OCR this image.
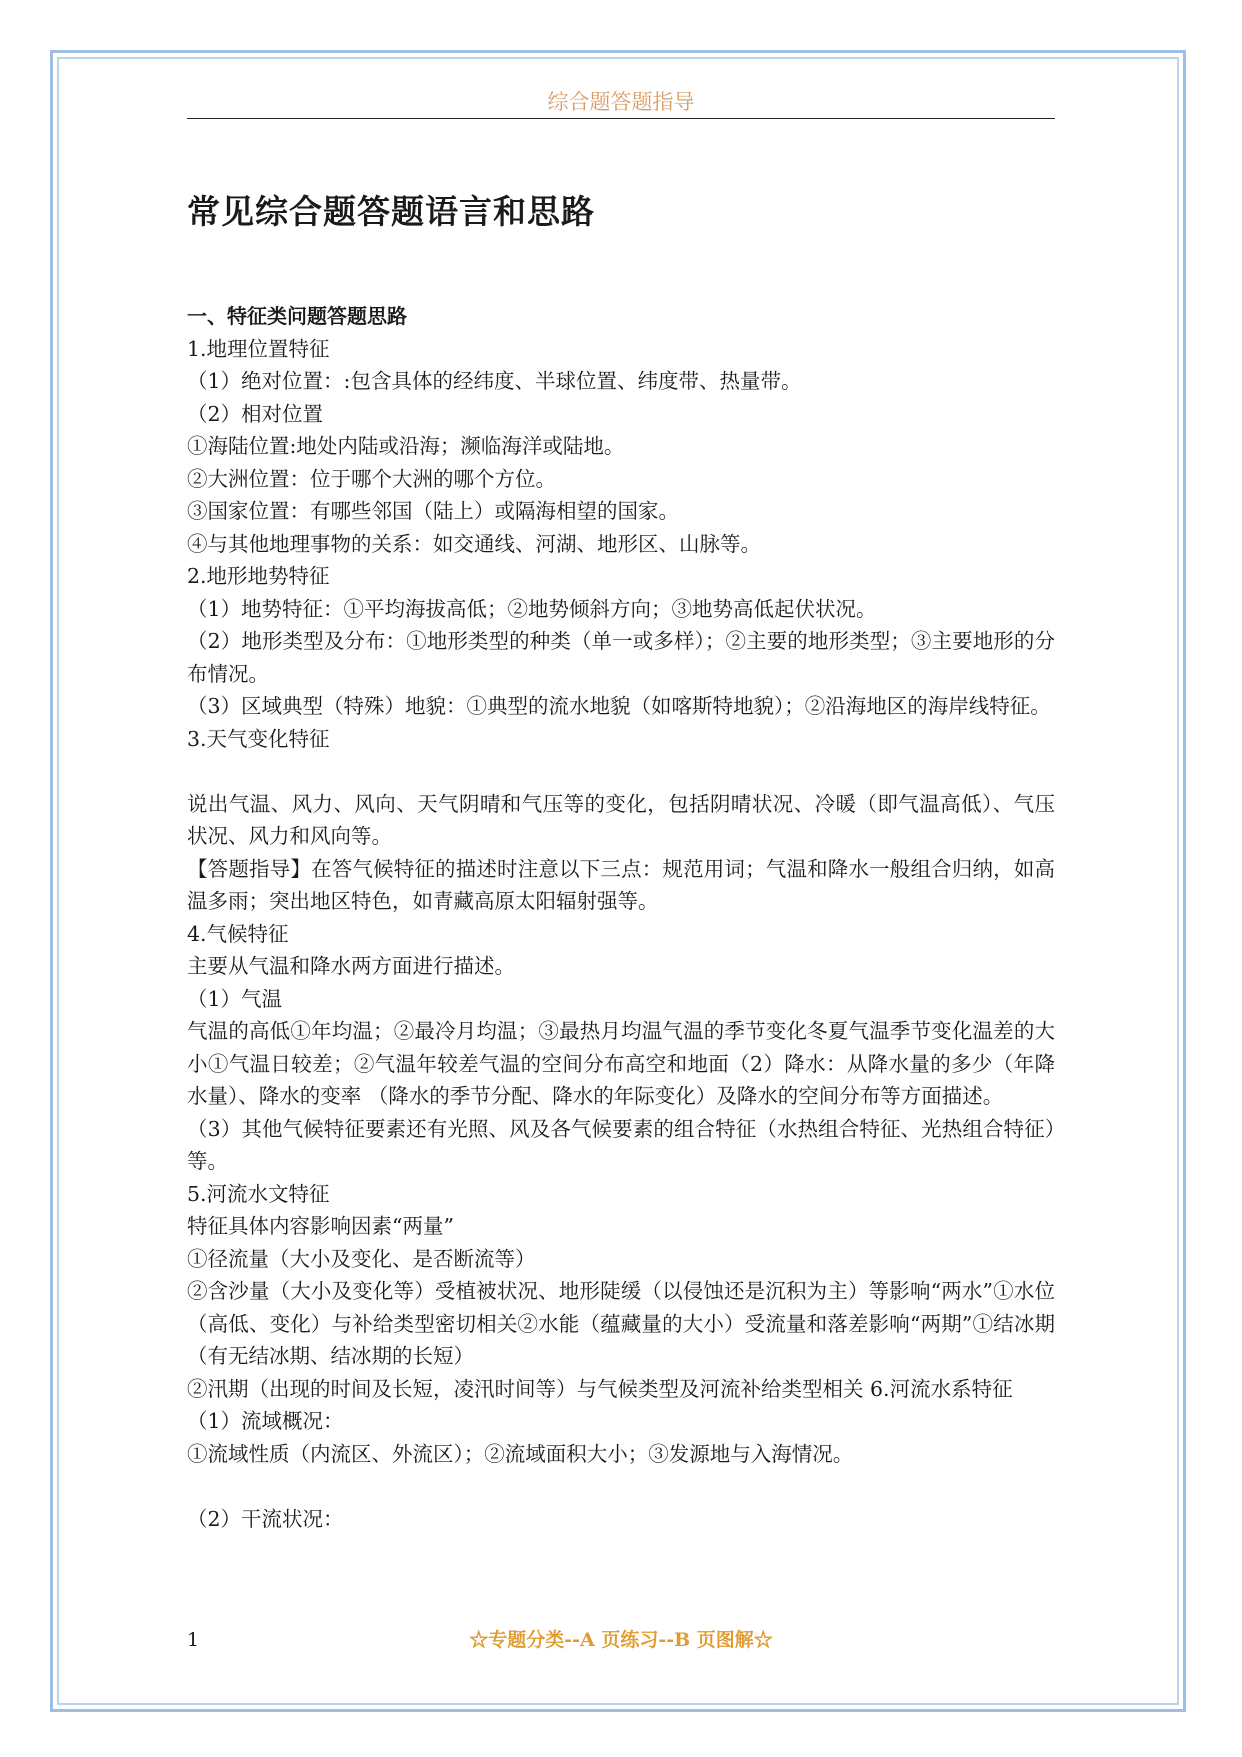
综合题答题指导
常见综合题答题语言和思路

一、特征类问题答题思路

1.地理位置特征

（1）绝对位置：:包含具体的经纬度、半球位置、纬度带、热量带。

（2）相对位置

①海陆位置:地处内陆或沿海；濒临海洋或陆地。

②大洲位置：位于哪个大洲的哪个方位。

③国家位置：有哪些邻国（陆上）或隔海相望的国家。

④与其他地理事物的关系：如交通线、河湖、地形区、山脉等。

2.地形地势特征

（1）地势特征：①平均海拔高低；②地势倾斜方向；③地势高低起伏状况。

（2）地形类型及分布：①地形类型的种类（单一或多样）；②主要的地形类型；③主要地形的分布情况。

（3）区域典型（特殊）地貌：①典型的流水地貌（如喀斯特地貌）；②沿海地区的海岸线特征。

3.天气变化特征

说出气温、风力、风向、天气阴晴和气压等的变化，包括阴晴状况、冷暖（即气温高低）、气压状况、风力和风向等。

【答题指导】在答气候特征的描述时注意以下三点：规范用词；气温和降水一般组合归纳，如高温多雨；突出地区特色，如青藏高原太阳辐射强等。

4.气候特征

主要从气温和降水两方面进行描述。

（1）气温

气温的高低①年均温；②最冷月均温；③最热月均温气温的季节变化冬夏气温季节变化温差的大小①气温日较差；②气温年较差气温的空间分布高空和地面（2）降水：从降水量的多少（年降水量）、降水的变率 （降水的季节分配、降水的年际变化）及降水的空间分布等方面描述。

（3）其他气候特征要素还有光照、风及各气候要素的组合特征（水热组合特征、光热组合特征）等。

5.河流水文特征

特征具体内容影响因素“两量”

①径流量（大小及变化、是否断流等）

②含沙量（大小及变化等）受植被状况、地形陡缓（以侵蚀还是沉积为主）等影响“两水”①水位（高低、变化）与补给类型密切相关②水能（蕴藏量的大小）受流量和落差影响“两期”①结冰期（有无结冰期、结冰期的长短）

②汛期（出现的时间及长短，凌汛时间等）与气候类型及河流补给类型相关 6.河流水系特征

（1）流域概况：

①流域性质（内流区、外流区）；②流域面积大小；③发源地与入海情况。

（2）干流状况：

1	☆专题分类--A 页练习--B 页图解☆
